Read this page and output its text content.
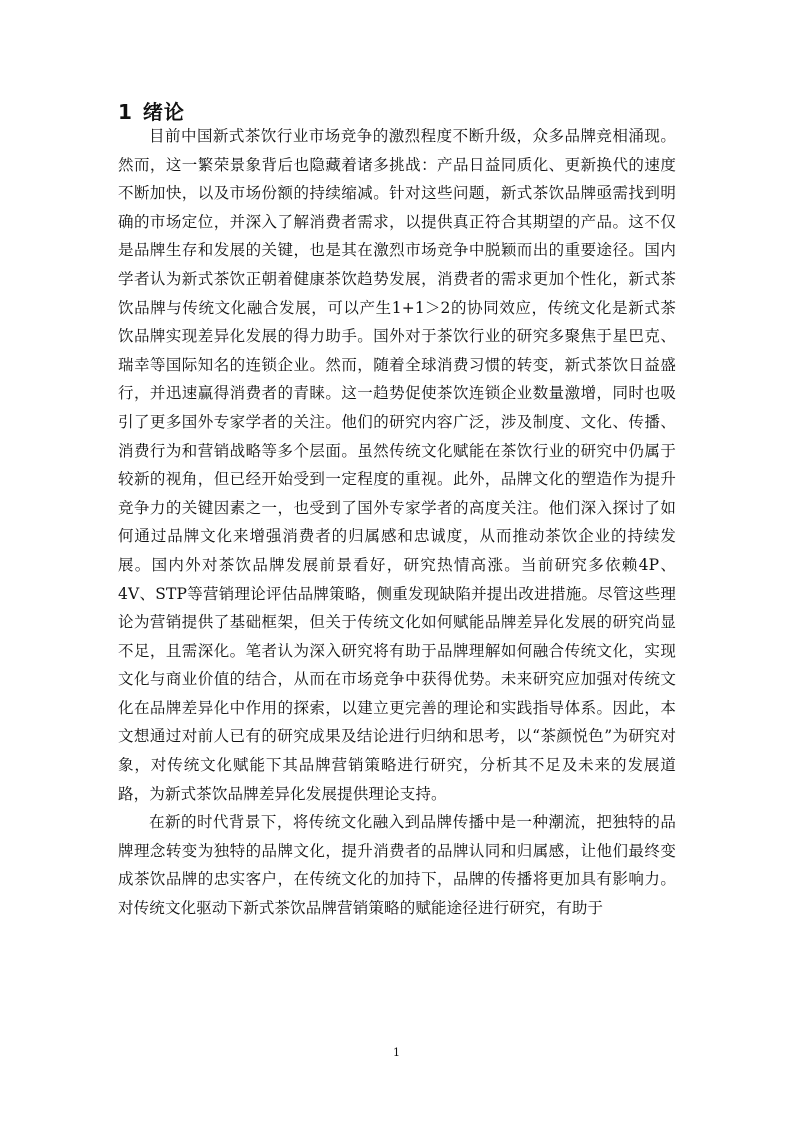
1 绪论

目前中国新式茶饮行业市场竞争的激烈程度不断升级，众多品牌竞相涌现。然而，这一繁荣景象背后也隐藏着诸多挑战：产品日益同质化、更新换代的速度不断加快，以及市场份额的持续缩减。针对这些问题，新式茶饮品牌亟需找到明确的市场定位，并深入了解消费者需求，以提供真正符合其期望的产品。这不仅是品牌生存和发展的关键，也是其在激烈市场竞争中脱颖而出的重要途径。国内学者认为新式茶饮正朝着健康茶饮趋势发展，消费者的需求更加个性化，新式茶饮品牌与传统文化融合发展，可以产生1+1＞2的协同效应，传统文化是新式茶饮品牌实现差异化发展的得力助手。国外对于茶饮行业的研究多聚焦于星巴克、瑞幸等国际知名的连锁企业。然而，随着全球消费习惯的转变，新式茶饮日益盛行，并迅速赢得消费者的青睐。这一趋势促使茶饮连锁企业数量激增，同时也吸引了更多国外专家学者的关注。他们的研究内容广泛，涉及制度、文化、传播、消费行为和营销战略等多个层面。虽然传统文化赋能在茶饮行业的研究中仍属于较新的视角，但已经开始受到一定程度的重视。此外，品牌文化的塑造作为提升竞争力的关键因素之一，也受到了国外专家学者的高度关注。他们深入探讨了如何通过品牌文化来增强消费者的归属感和忠诚度，从而推动茶饮企业的持续发展。国内外对茶饮品牌发展前景看好，研究热情高涨。当前研究多依赖4P、4V、STP等营销理论评估品牌策略，侧重发现缺陷并提出改进措施。尽管这些理论为营销提供了基础框架，但关于传统文化如何赋能品牌差异化发展的研究尚显不足，且需深化。笔者认为深入研究将有助于品牌理解如何融合传统文化，实现文化与商业价值的结合，从而在市场竞争中获得优势。未来研究应加强对传统文化在品牌差异化中作用的探索，以建立更完善的理论和实践指导体系。因此，本文想通过对前人已有的研究成果及结论进行归纳和思考，以“茶颜悦色”为研究对象，对传统文化赋能下其品牌营销策略进行研究，分析其不足及未来的发展道路，为新式茶饮品牌差异化发展提供理论支持。

在新的时代背景下，将传统文化融入到品牌传播中是一种潮流，把独特的品牌理念转变为独特的品牌文化，提升消费者的品牌认同和归属感，让他们最终变成茶饮品牌的忠实客户，在传统文化的加持下，品牌的传播将更加具有影响力。对传统文化驱动下新式茶饮品牌营销策略的赋能途径进行研究，有助于

1
